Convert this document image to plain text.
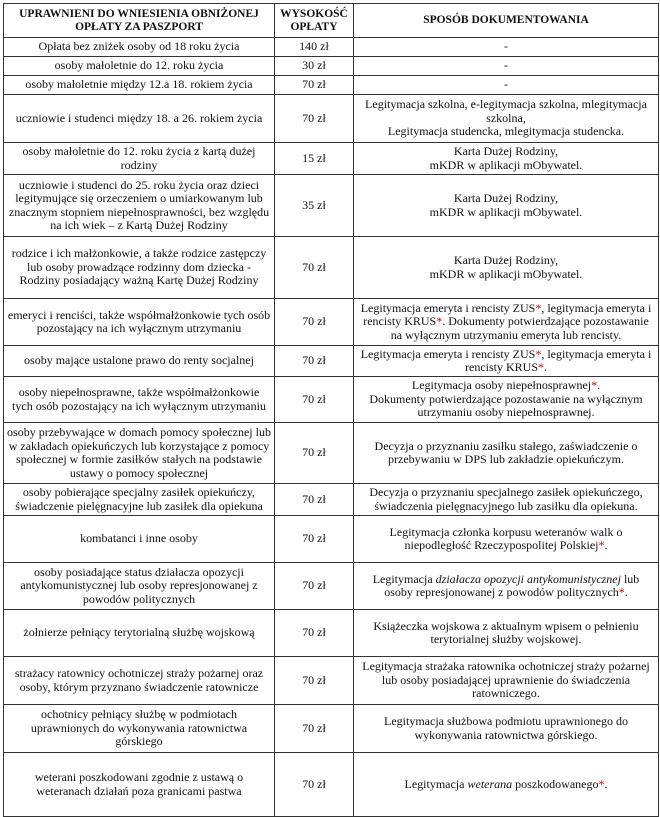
UPRAWNIENI DO WNIESIENIA OBNIŻONEJ OPŁATY ZA PASZPORT	WYSOKOŚĆ OPŁATY	SPOSÓB DOKUMENTOWANIA
Opłata bez zniżek osoby od 18 roku życia	140 zł	-
osoby małoletnie do 12. roku życia	30 zł	-
osoby małoletnie między 12.a 18. rokiem życia	70 zł	-
uczniowie i studenci między 18. a 26. rokiem życia	70 zł	Legitymacja szkolna, e-legitymacja szkolna, mlegitymacja szkolna,
Legitymacja studencka, mlegitymacja studencka.
osoby małoletnie do 12. roku życia z kartą dużej rodziny	15 zł	Karta Dużej Rodziny,
mKDR w aplikacji mObywatel.
uczniowie i studenci do 25. roku życia oraz dzieci legitymujące się orzeczeniem o umiarkowanym lub znacznym stopniem niepełnosprawności, bez względu na ich wiek – z Kartą Dużej Rodziny	35 zł	Karta Dużej Rodziny,
mKDR w aplikacji mObywatel.
rodzice i ich małżonkowie, a także rodzice zastępczy lub osoby prowadzące rodzinny dom dziecka - Rodziny posiadający ważną Kartę Dużej Rodziny	70 zł	Karta Dużej Rodziny,
mKDR w aplikacji mObywatel.
emeryci i renciści, także współmałżonkowie tych osób pozostający na ich wyłącznym utrzymaniu	70 zł	Legitymacja emeryta i rencisty ZUS*, legitymacja emeryta i rencisty KRUS*. Dokumenty potwierdzające pozostawanie na wyłącznym utrzymaniu emeryta lub rencisty.
osoby mające ustalone prawo do renty socjalnej	70 zł	Legitymacja emeryta i rencisty ZUS*, legitymacja emeryta i rencisty KRUS*.
osoby niepełnosprawne, także współmałżonkowie tych osób pozostający na ich wyłącznym utrzymaniu	70 zł	Legitymacja osoby niepełnosprawnej*.
Dokumenty potwierdzające pozostawanie na wyłącznym utrzymaniu osoby niepełnosprawnej.
osoby przebywające w domach pomocy społecznej lub w zakładach opiekuńczych lub korzystające z pomocy społecznej w formie zasiłków stałych na podstawie ustawy o pomocy społecznej	70 zł	Decyzja o przyznaniu zasiłku stałego, zaświadczenie o przebywaniu w DPS lub zakładzie opiekuńczym.
osoby pobierające specjalny zasiłek opiekuńczy, świadczenie pielęgnacyjne lub zasiłek dla opiekuna	70 zł	Decyzja o przyznaniu specjalnego zasiłek opiekuńczego, świadczenia pielęgnacyjnego lub zasiłku dla opiekuna.
kombatanci i inne osoby	70 zł	Legitymacja członka korpusu weteranów walk o niepodległość Rzeczypospolitej Polskiej*.
osoby posiadające status działacza opozycji antykomunistycznej lub osoby represjonowanej z powodów politycznych	70 zł	Legitymacja działacza opozycji antykomunistycznej lub osoby represjonowanej z powodów politycznych*.
żołnierze pełniący terytorialną służbę wojskową	70 zł	Książeczka wojskowa z aktualnym wpisem o pełnieniu terytorialnej służby wojskowej.
strażacy ratownicy ochotniczej straży pożarnej oraz osoby, którym przyznano świadczenie ratownicze	70 zł	Legitymacja strażaka ratownika ochotniczej straży pożarnej lub osoby posiadającej uprawnienie do świadczenia ratowniczego.
ochotnicy pełniący służbę w podmiotach uprawnionych do wykonywania ratownictwa górskiego	70 zł	Legitymacja służbowa podmiotu uprawnionego do wykonywania ratownictwa górskiego.
weterani poszkodowani zgodnie z ustawą o weteranach działań poza granicami pastwa	70 zł	Legitymacja weterana poszkodowanego*.
